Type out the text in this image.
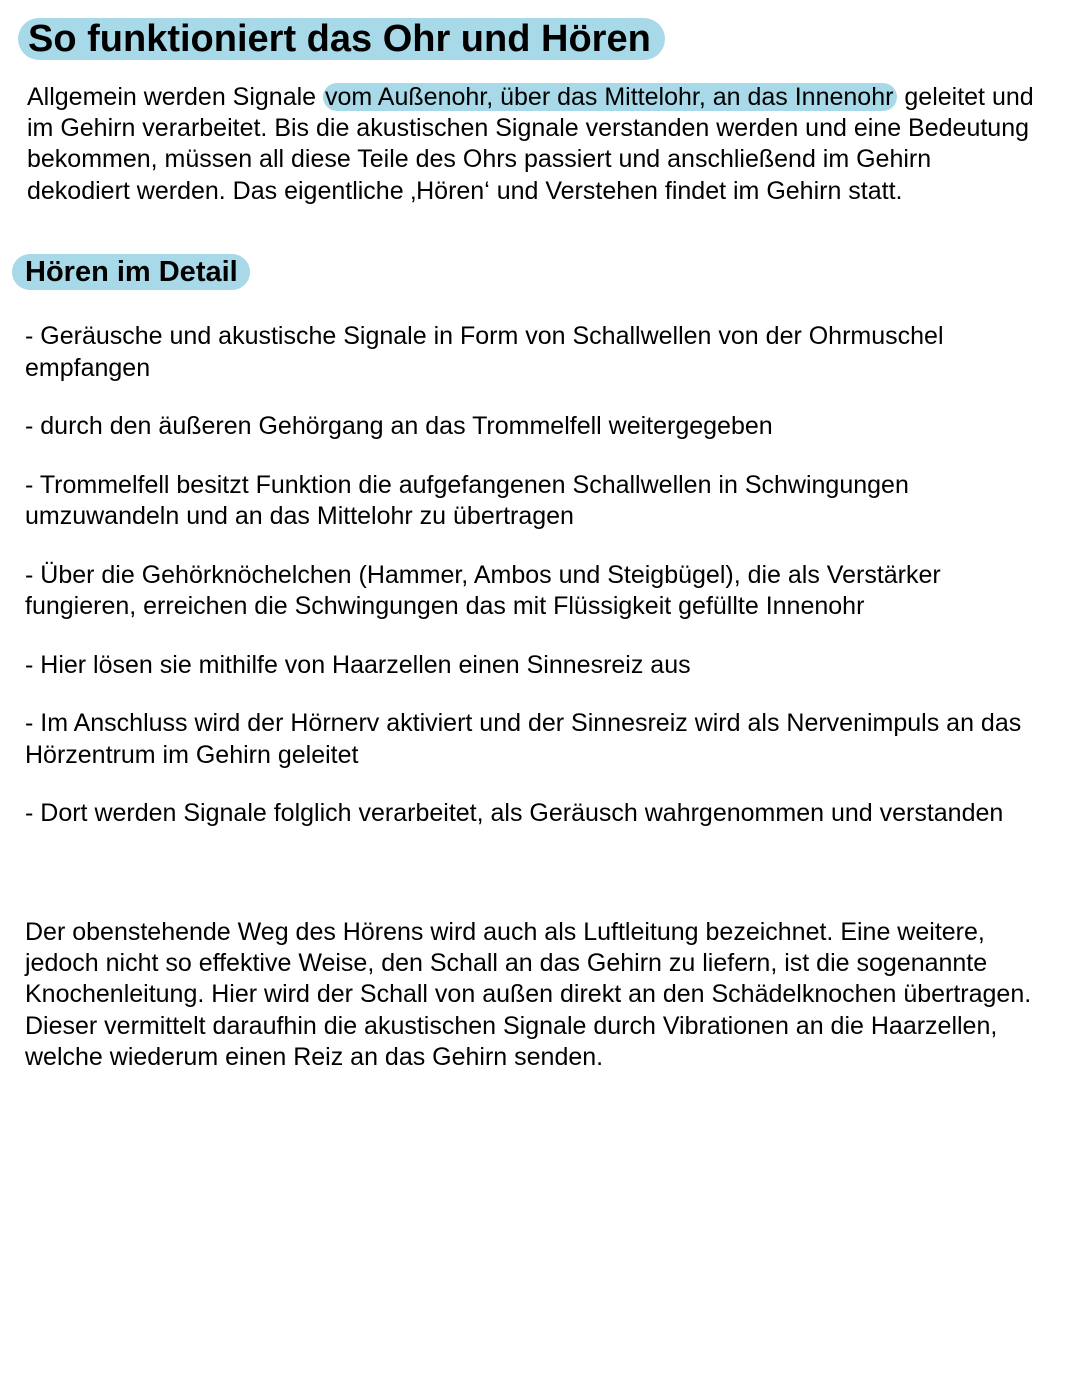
So funktioniert das Ohr und Hören

Allgemein werden Signale vom Außenohr, über das Mittelohr, an das Innenohr geleitet und im Gehirn verarbeitet. Bis die akustischen Signale verstanden werden und eine Bedeutung bekommen, müssen all diese Teile des Ohrs passiert und anschließend im Gehirn dekodiert werden. Das eigentliche ‚Hören‘ und Verstehen findet im Gehirn statt.

Hören im Detail
- Geräusche und akustische Signale in Form von Schallwellen von der Ohrmuschel empfangen
- durch den äußeren Gehörgang an das Trommelfell weitergegeben
- Trommelfell besitzt Funktion die aufgefangenen Schallwellen in Schwingungen umzuwandeln und an das Mittelohr zu übertragen
- Über die Gehörknöchelchen (Hammer, Ambos und Steigbügel), die als Verstärker fungieren, erreichen die Schwingungen das mit Flüssigkeit gefüllte Innenohr
- Hier lösen sie mithilfe von Haarzellen einen Sinnesreiz aus
- Im Anschluss wird der Hörnerv aktiviert und der Sinnesreiz wird als Nervenimpuls an das Hörzentrum im Gehirn geleitet
- Dort werden Signale folglich verarbeitet, als Geräusch wahrgenommen und verstanden

Der obenstehende Weg des Hörens wird auch als Luftleitung bezeichnet. Eine weitere, jedoch nicht so effektive Weise, den Schall an das Gehirn zu liefern, ist die sogenannte Knochenleitung. Hier wird der Schall von außen direkt an den Schädelknochen übertragen. Dieser vermittelt daraufhin die akustischen Signale durch Vibrationen an die Haarzellen, welche wiederum einen Reiz an das Gehirn senden.
